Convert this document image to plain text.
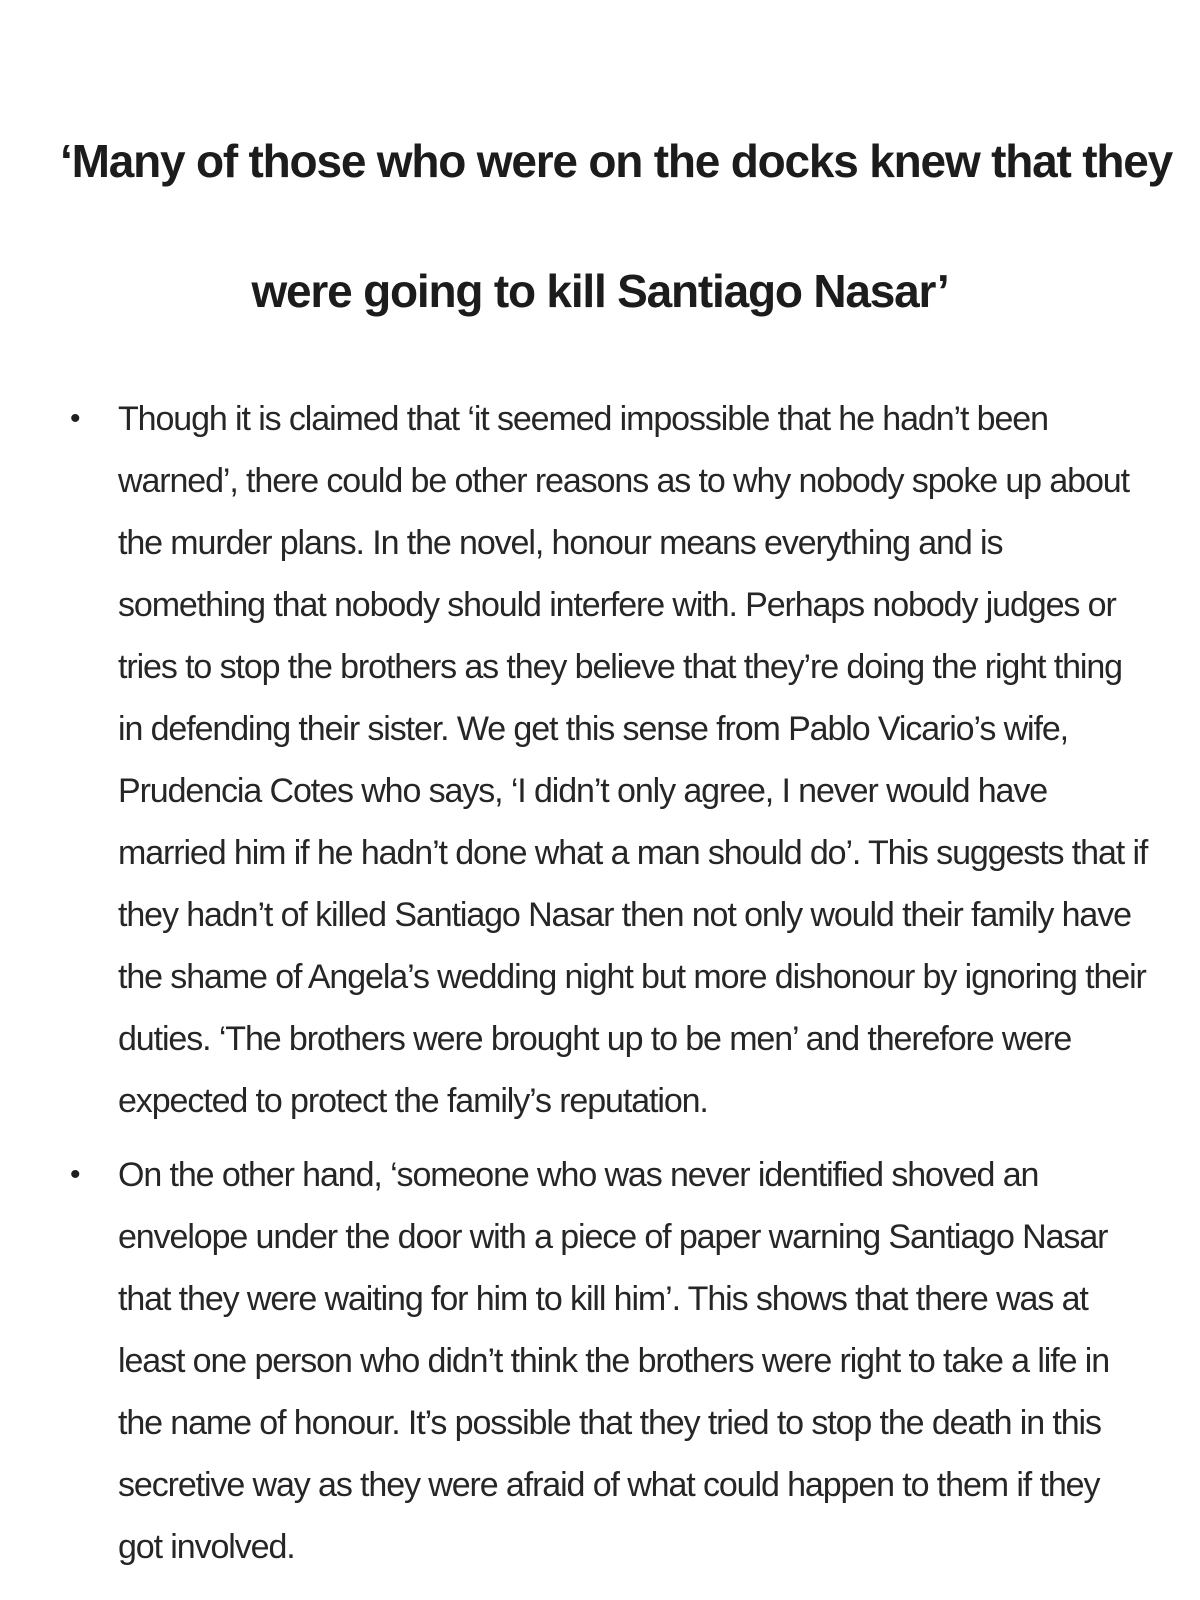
‘Many of those who were on the docks knew that they
were going to kill Santiago Nasar’
• Though it is claimed that ‘it seemed impossible that he hadn’t been warned’, there could be other reasons as to why nobody spoke up about the murder plans. In the novel, honour means everything and is something that nobody should interfere with. Perhaps nobody judges or tries to stop the brothers as they believe that they’re doing the right thing in defending their sister. We get this sense from Pablo Vicario’s wife, Prudencia Cotes who says, ‘I didn’t only agree, I never would have married him if he hadn’t done what a man should do’. This suggests that if they hadn’t of killed Santiago Nasar then not only would their family have the shame of Angela’s wedding night but more dishonour by ignoring their duties. ‘The brothers were brought up to be men’ and therefore were expected to protect the family’s reputation.
• On the other hand, ‘someone who was never identified shoved an envelope under the door with a piece of paper warning Santiago Nasar that they were waiting for him to kill him’. This shows that there was at least one person who didn’t think the brothers were right to take a life in the name of honour. It’s possible that they tried to stop the death in this secretive way as they were afraid of what could happen to them if they got involved.
